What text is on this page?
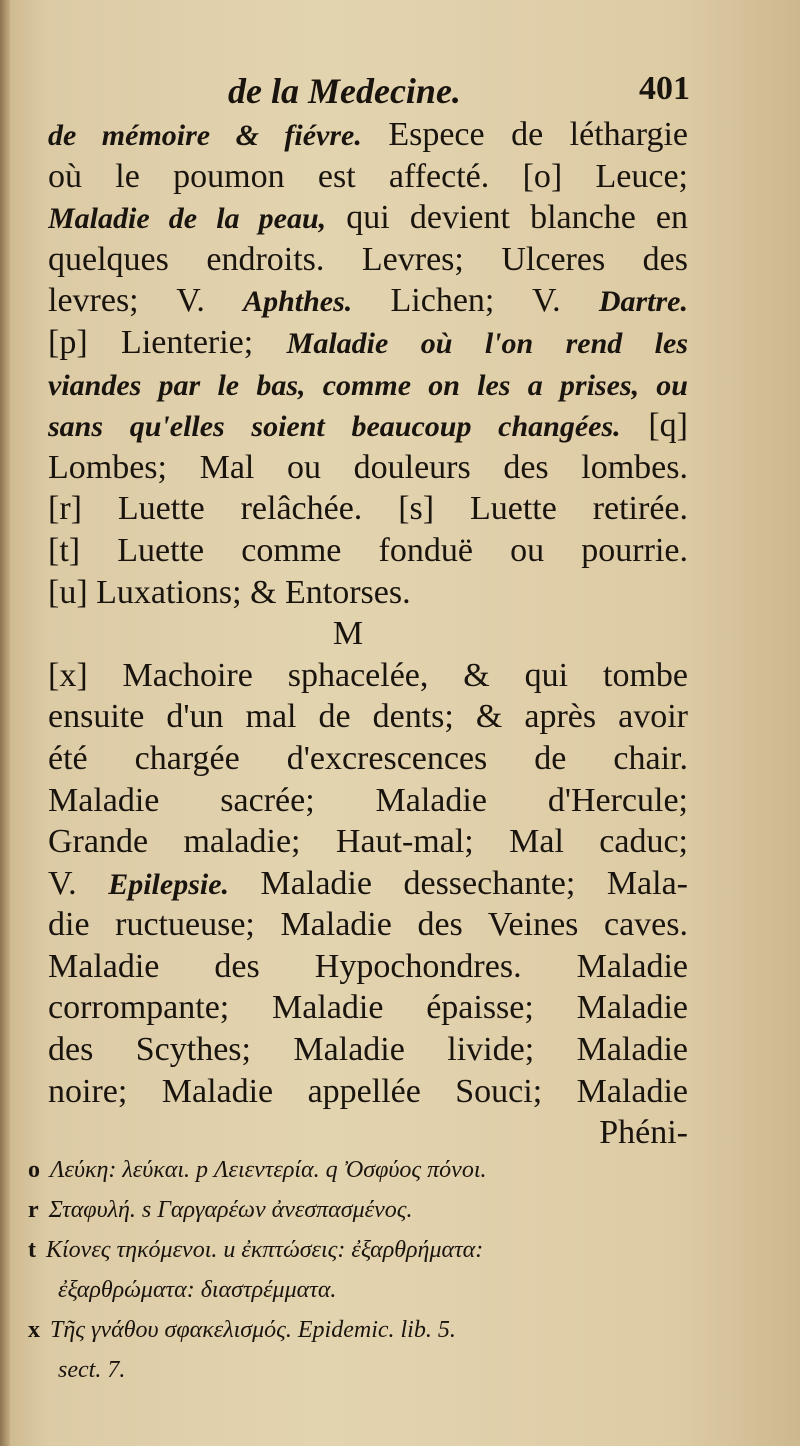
de la Medecine.	401
de mémoire & fiévre. Espece de léthargie
où le poumon est affecté. [o] Leuce;
Maladie de la peau, qui devient blanche en
quelques endroits. Levres; Ulceres des
levres; V. Aphthes. Lichen; V. Dartre.
[p] Lienterie; Maladie où l'on rend les
viandes par le bas, comme on les a prises, ou
sans qu'elles soient beaucoup changées. [q]
Lombes; Mal ou douleurs des lombes.
[r] Luette relâchée. [s] Luette retirée.
[t] Luette comme fonduë ou pourrie.
[u] Luxations; & Entorses.
M
[x] Machoire sphacelée, & qui tombe
ensuite d'un mal de dents; & après avoir
été chargée d'excrescences de chair.
Maladie sacrée; Maladie d'Hercule;
Grande maladie; Haut-mal; Mal caduc;
V. Epilepsie. Maladie dessechante; Mala-
die ructueuse; Maladie des Veines caves.
Maladie des Hypochondres. Maladie
corrompante; Maladie épaisse; Maladie
des Scythes; Maladie livide; Maladie
noire; Maladie appellée Souci; Maladie
Phéni-
o Λεύκη: λεύκαι. p Λειεντερία. q Ὀσφύος πόνοι.
r Σταφυλή. s Γαργαρέων ἀνεσπασμένος.
t Κίονες τηκόμενοι. u ἐκπτώσεις: ἐξαρθρήματα:
ἐξαρθρώματα: διαστρέμματα.
x Τῆς γνάθου σφακελισμός. Epidemic. lib. 5.
sect. 7.
